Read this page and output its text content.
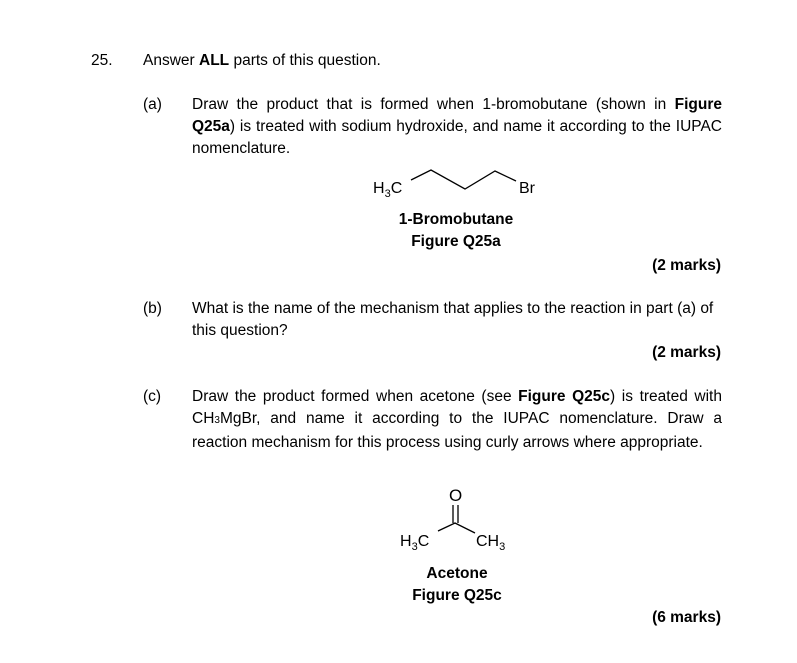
25. Answer ALL parts of this question.
(a) Draw the product that is formed when 1-bromobutane (shown in Figure Q25a) is treated with sodium hydroxide, and name it according to the IUPAC nomenclature.
$H_3C$	Br
1-Bromobutane
Figure Q25a
(2 marks)
(b) What is the name of the mechanism that applies to the reaction in part (a) of this question?
(2 marks)
(c) Draw the product formed when acetone (see Figure Q25c) is treated with CH3MgBr, and name it according to the IUPAC nomenclature. Draw a reaction mechanism for this process using curly arrows where appropriate.
O
$H_3C$	$CH_3$
Acetone
Figure Q25c
(6 marks)
